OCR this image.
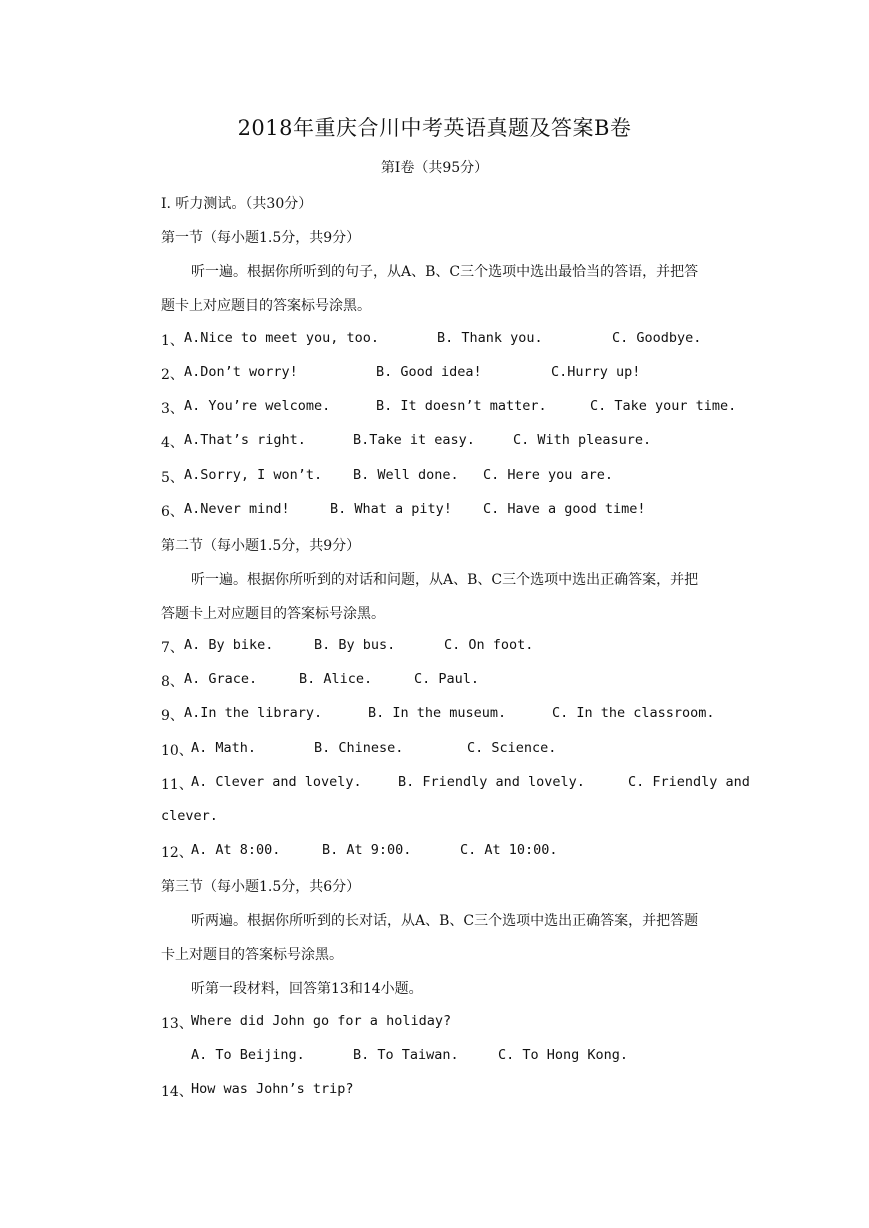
2018年重庆合川中考英语真题及答案B卷
第I卷（共95分）
I. 听力测试。（共30分）
第一节（每小题1.5分，共9分）
听一遍。根据你所听到的句子，从A、B、C三个选项中选出最恰当的答语，并把答
题卡上对应题目的答案标号涂黑。
1、 A.Nice to meet you, too.	B. Thank you.	C. Goodbye.
2、 A.Don’t worry!	B. Good idea!	C.Hurry up!
3、 A. You’re welcome.	B. It doesn’t matter.	C. Take your time.
4、 A.That’s right.	B.Take it easy.	C. With pleasure.
5、 A.Sorry, I won’t. B. Well done. C. Here you are.
6、 A.Never mind!	B. What a pity! C. Have a good time!
第二节（每小题1.5分，共9分）
听一遍。根据你所听到的对话和问题，从A、B、C三个选项中选出正确答案，并把
答题卡上对应题目的答案标号涂黑。
7、 A. By bike.	B. By bus.	C. On foot.
8、 A. Grace.	B. Alice.	C. Paul.
9、 A.In the library.	B. In the museum.	C. In the classroom.
10、
A. Math.	B. Chinese.	C. Science.
11、
A. Clever and lovely.	B. Friendly and lovely.	C. Friendly and
clever.
12、
A. At 8:00.	B. At 9:00.	C. At 10:00.
第三节（每小题1.5分，共6分）
听两遍。根据你所听到的长对话，从A、B、C三个选项中选出正确答案，并把答题
卡上对题目的答案标号涂黑。
听第一段材料，回答第13和14小题。
13、
Where did John go for a holiday?
A. To Beijing.	B. To Taiwan.	C. To Hong Kong.
14、
How was John’s trip?
